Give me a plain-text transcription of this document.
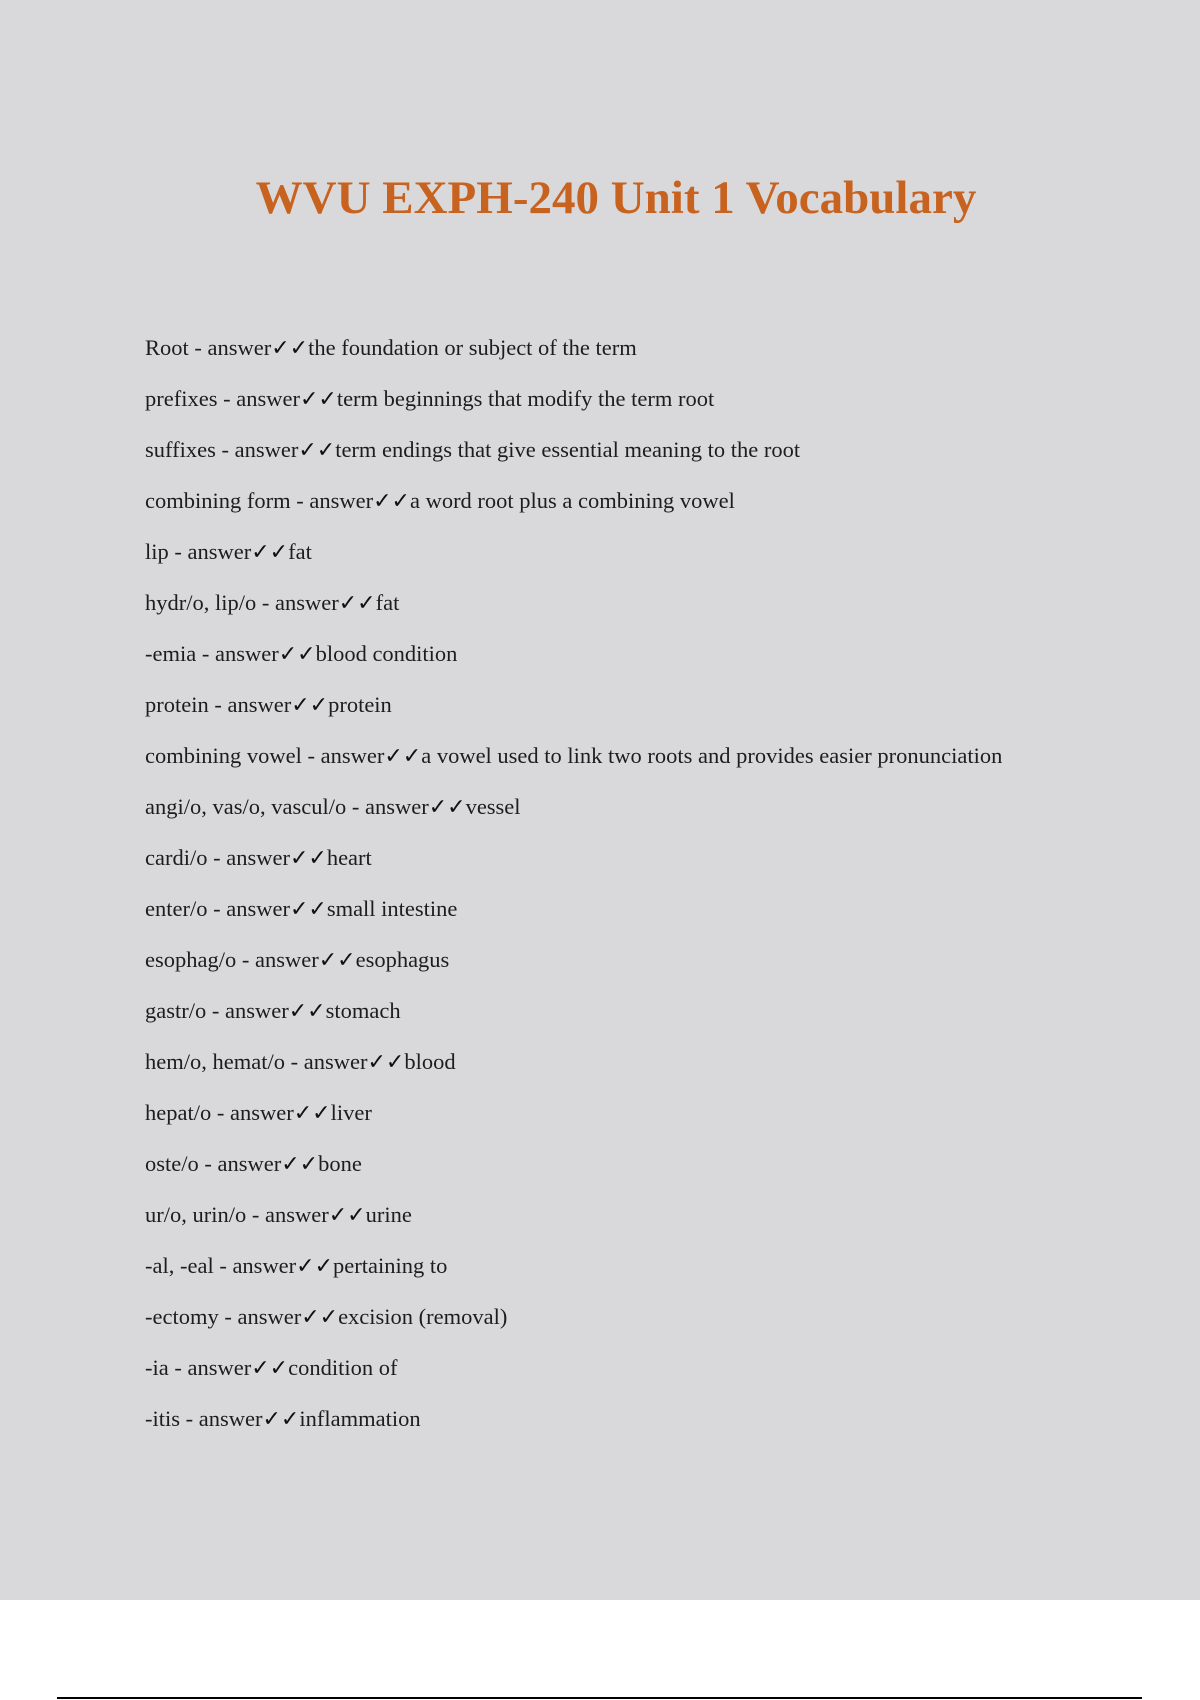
WVU EXPH-240 Unit 1 Vocabulary
Root - answer✓✓the foundation or subject of the term
prefixes - answer✓✓term beginnings that modify the term root
suffixes - answer✓✓term endings that give essential meaning to the root
combining form - answer✓✓a word root plus a combining vowel
lip - answer✓✓fat
hydr/o, lip/o - answer✓✓fat
-emia - answer✓✓blood condition
protein - answer✓✓protein
combining vowel - answer✓✓a vowel used to link two roots and provides easier pronunciation
angi/o, vas/o, vascul/o - answer✓✓vessel
cardi/o - answer✓✓heart
enter/o - answer✓✓small intestine
esophag/o - answer✓✓esophagus
gastr/o - answer✓✓stomach
hem/o, hemat/o - answer✓✓blood
hepat/o - answer✓✓liver
oste/o - answer✓✓bone
ur/o, urin/o - answer✓✓urine
-al, -eal - answer✓✓pertaining to
-ectomy - answer✓✓excision (removal)
-ia - answer✓✓condition of
-itis - answer✓✓inflammation
